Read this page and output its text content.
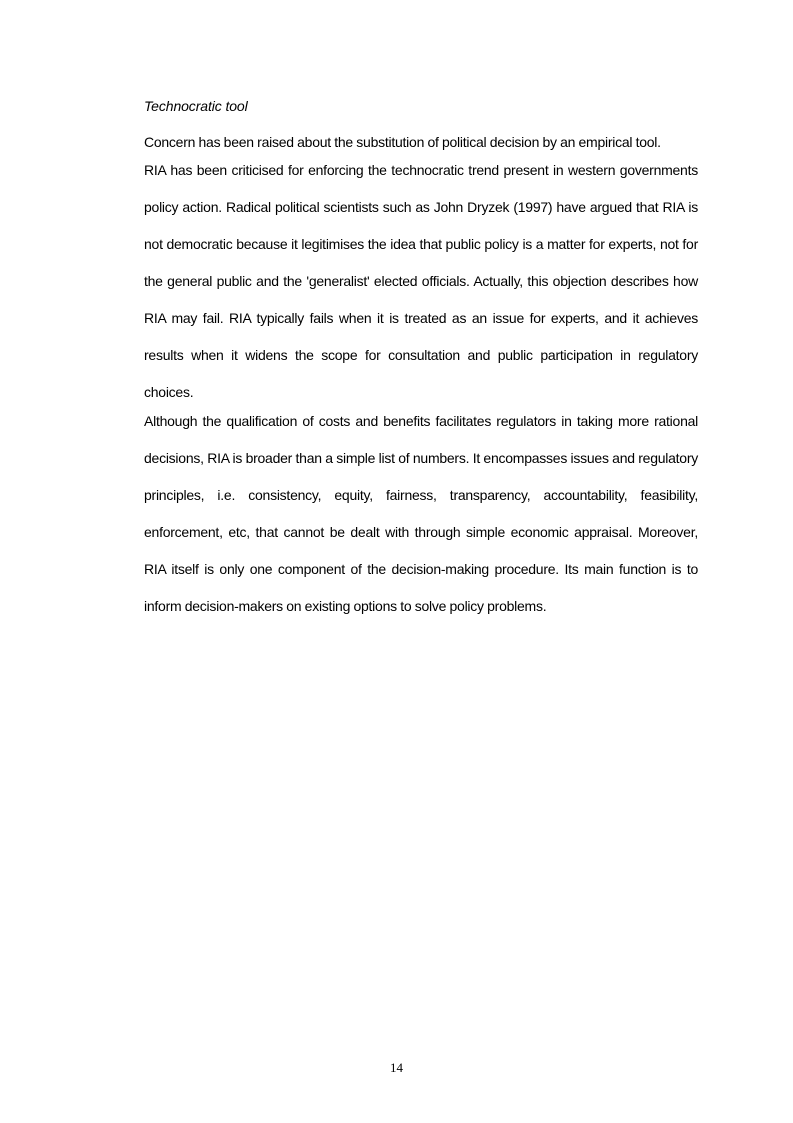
Technocratic tool

Concern has been raised about the substitution of political decision by an empirical tool.

RIA has been criticised for enforcing the technocratic trend present in western governments policy action. Radical political scientists such as John Dryzek (1997) have argued that RIA is not democratic because it legitimises the idea that public policy is a matter for experts, not for the general public and the 'generalist' elected officials. Actually, this objection describes how RIA may fail. RIA typically fails when it is treated as an issue for experts, and it achieves results when it widens the scope for consultation and public participation in regulatory choices.

Although the qualification of costs and benefits facilitates regulators in taking more rational decisions, RIA is broader than a simple list of numbers. It encompasses issues and regulatory principles, i.e. consistency, equity, fairness, transparency, accountability, feasibility, enforcement, etc, that cannot be dealt with through simple economic appraisal. Moreover, RIA itself is only one component of the decision-making procedure. Its main function is to inform decision-makers on existing options to solve policy problems.

14
